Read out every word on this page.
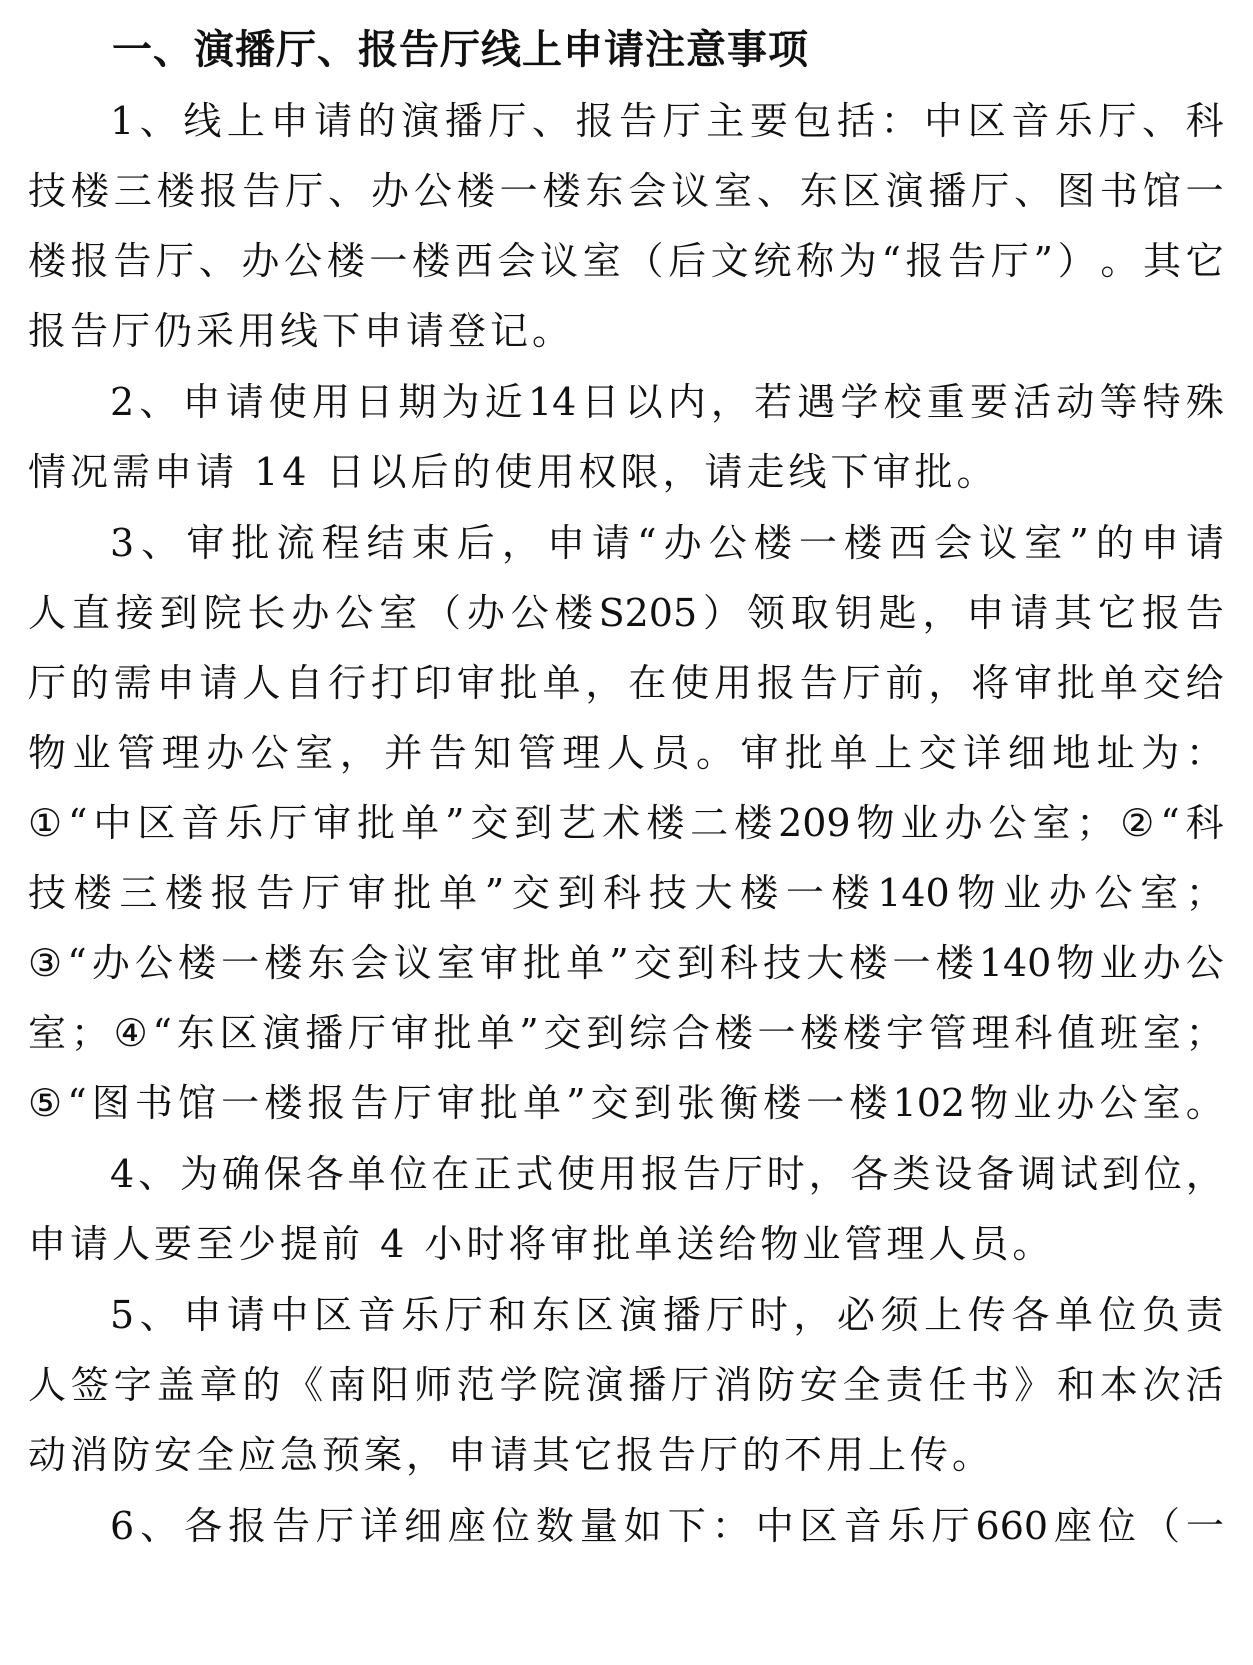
一、演播厅、报告厅线上申请注意事项

1 、 线 上 申 请 的 演 播 厅 、 报 告 厅 主 要 包 括 ： 中 区 音 乐 厅 、 科

技 楼 三 楼 报 告 厅 、 办 公 楼 一 楼 东 会 议 室 、 东 区 演 播 厅 、 图 书 馆 一

楼 报 告 厅 、 办 公 楼 一 楼 西 会 议 室 （ 后 文 统 称 为 “ 报 告 厅 ” ） 。 其 它

报告厅仍采用线下申请登记。

2 、 申 请 使 用 日 期 为 近 14 日 以 内 ， 若 遇 学 校 重 要 活 动 等 特 殊

情况需申请 14 日以后的使用权限，请走线下审批。

3 、 审 批 流 程 结 束 后 ， 申 请 “ 办 公 楼 一 楼 西 会 议 室 ” 的 申 请

人 直 接 到 院 长 办 公 室 （ 办 公 楼 S205 ） 领 取 钥 匙 ， 申 请 其 它 报 告

厅 的 需 申 请 人 自 行 打 印 审 批 单 ， 在 使 用 报 告 厅 前 ， 将 审 批 单 交 给

物 业 管 理 办 公 室 ， 并 告 知 管 理 人 员 。 审 批 单 上 交 详 细 地 址 为 ：

① “ 中 区 音 乐 厅 审 批 单 ” 交 到 艺 术 楼 二 楼 209 物 业 办 公 室 ； ② “ 科

技 楼 三 楼 报 告 厅 审 批 单 ” 交 到 科 技 大 楼 一 楼 140 物 业 办 公 室 ；

③ “ 办 公 楼 一 楼 东 会 议 室 审 批 单 ” 交 到 科 技 大 楼 一 楼 140 物 业 办 公

室 ； ④ “ 东 区 演 播 厅 审 批 单 ” 交 到 综 合 楼 一 楼 楼 宇 管 理 科 值 班 室 ；

⑤ “ 图 书 馆 一 楼 报 告 厅 审 批 单 ” 交 到 张 衡 楼 一 楼 102 物 业 办 公 室 。

4 、 为 确 保 各 单 位 在 正 式 使 用 报 告 厅 时 ， 各 类 设 备 调 试 到 位 ，

申请人要至少提前 4 小时将审批单送给物业管理人员。

5 、 申 请 中 区 音 乐 厅 和 东 区 演 播 厅 时 ， 必 须 上 传 各 单 位 负 责

人 签 字 盖 章 的 《 南 阳 师 范 学 院 演 播 厅 消 防 安 全 责 任 书 》 和 本 次 活

动消防安全应急预案，申请其它报告厅的不用上传。

6 、 各 报 告 厅 详 细 座 位 数 量 如 下 ： 中 区 音 乐 厅 660 座 位 （ 一
